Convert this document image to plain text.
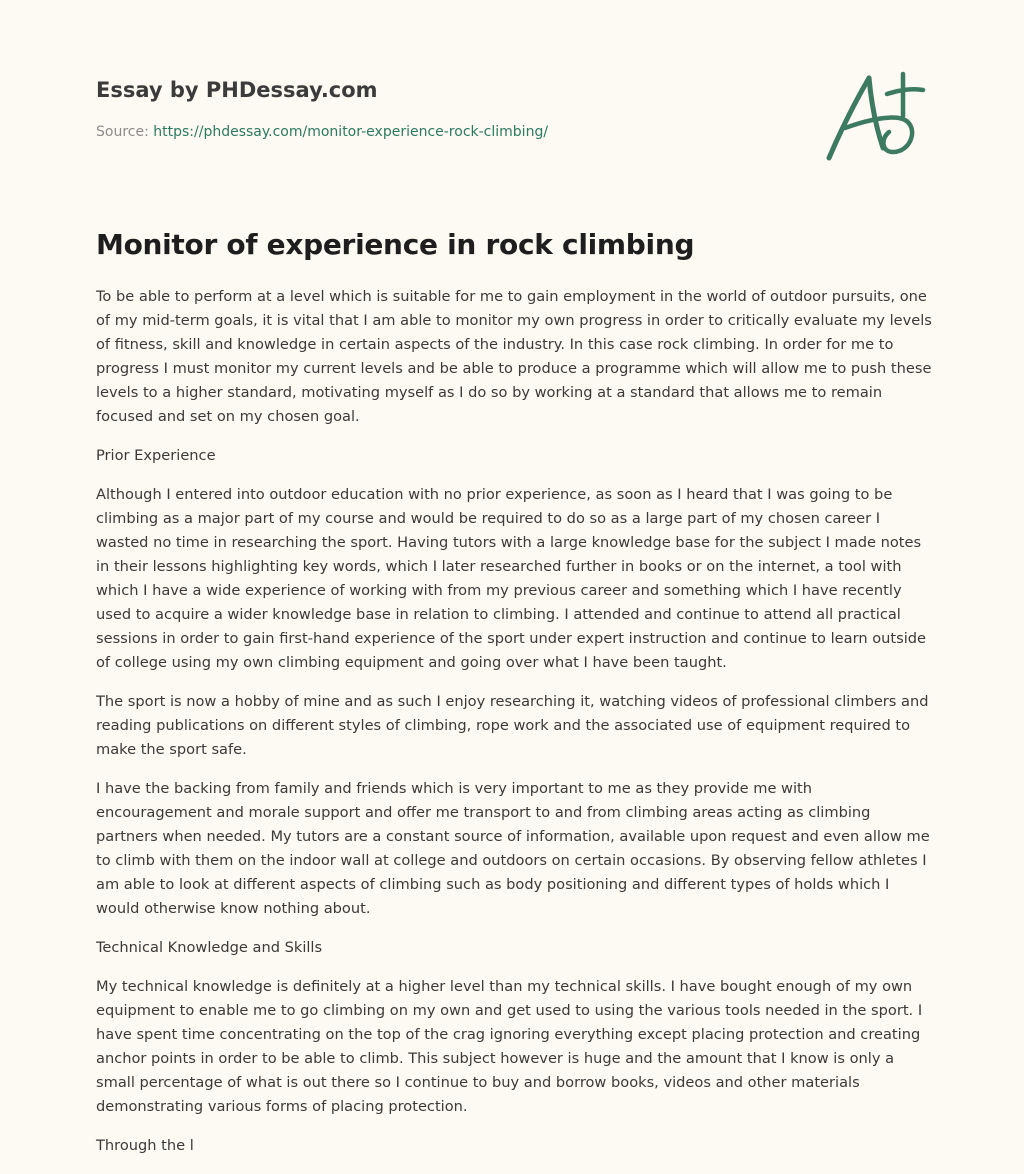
Essay by PHDessay.com
Source: https://phdessay.com/monitor-experience-rock-climbing/
Monitor of experience in rock climbing

To be able to perform at a level which is suitable for me to gain employment in the world of outdoor pursuits, one of my mid-term goals, it is vital that I am able to monitor my own progress in order to critically evaluate my levels of fitness, skill and knowledge in certain aspects of the industry. In this case rock climbing. In order for me to progress I must monitor my current levels and be able to produce a programme which will allow me to push these levels to a higher standard, motivating myself as I do so by working at a standard that allows me to remain focused and set on my chosen goal.

Prior Experience

Although I entered into outdoor education with no prior experience, as soon as I heard that I was going to be climbing as a major part of my course and would be required to do so as a large part of my chosen career I wasted no time in researching the sport. Having tutors with a large knowledge base for the subject I made notes in their lessons highlighting key words, which I later researched further in books or on the internet, a tool with which I have a wide experience of working with from my previous career and something which I have recently used to acquire a wider knowledge base in relation to climbing. I attended and continue to attend all practical sessions in order to gain first-hand experience of the sport under expert instruction and continue to learn outside of college using my own climbing equipment and going over what I have been taught.

The sport is now a hobby of mine and as such I enjoy researching it, watching videos of professional climbers and reading publications on different styles of climbing, rope work and the associated use of equipment required to make the sport safe.

I have the backing from family and friends which is very important to me as they provide me with encouragement and morale support and offer me transport to and from climbing areas acting as climbing partners when needed. My tutors are a constant source of information, available upon request and even allow me to climb with them on the indoor wall at college and outdoors on certain occasions. By observing fellow athletes I am able to look at different aspects of climbing such as body positioning and different types of holds which I would otherwise know nothing about.

Technical Knowledge and Skills

My technical knowledge is definitely at a higher level than my technical skills. I have bought enough of my own equipment to enable me to go climbing on my own and get used to using the various tools needed in the sport. I have spent time concentrating on the top of the crag ignoring everything except placing protection and creating anchor points in order to be able to climb. This subject however is huge and the amount that I know is only a small percentage of what is out there so I continue to buy and borrow books, videos and other materials demonstrating various forms of placing protection.

Through the l
